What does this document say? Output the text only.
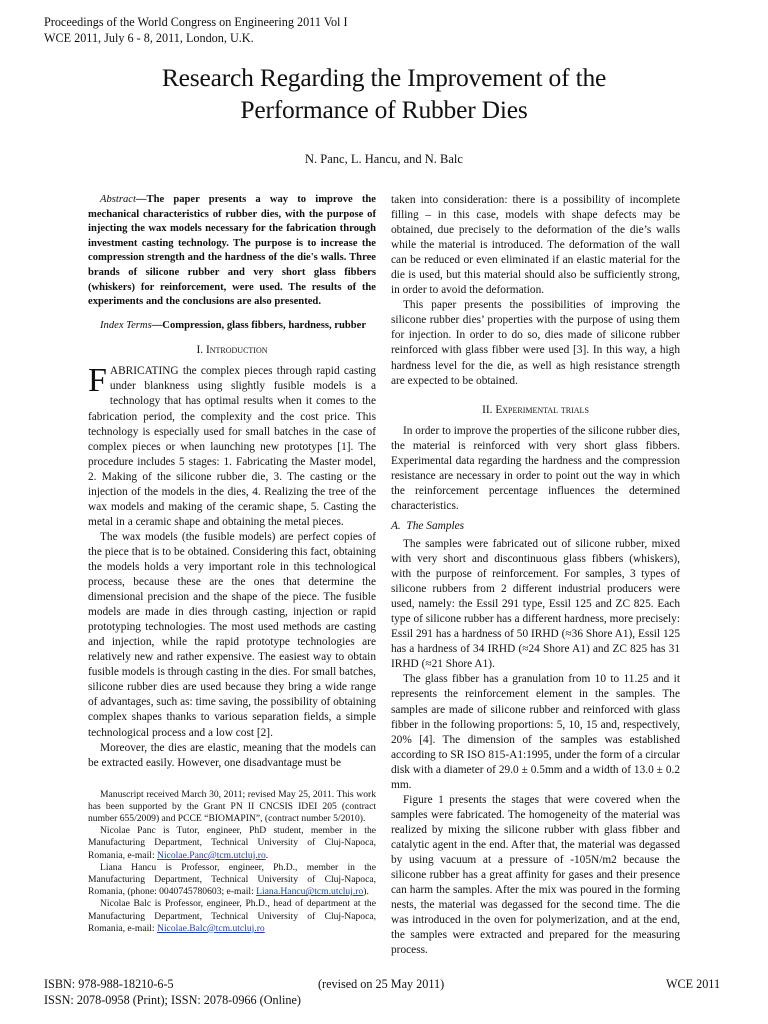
Proceedings of the World Congress on Engineering 2011 Vol I
WCE 2011, July 6 - 8, 2011, London, U.K.
Research Regarding the Improvement of the
Performance of Rubber Dies
N. Panc, L. Hancu, and N. Balc

Abstract—The paper presents a way to improve the mechanical characteristics of rubber dies, with the purpose of injecting the wax models necessary for the fabrication through investment casting technology. The purpose is to increase the compression strength and the hardness of the die's walls. Three brands of silicone rubber and very short glass fibbers (whiskers) for reinforcement, were used. The results of the experiments and the conclusions are also presented.

Index Terms—Compression, glass fibbers, hardness, rubber

I. Introduction

FABRICATING the complex pieces through rapid casting under blankness using slightly fusible models is a technology that has optimal results when it comes to the fabrication period, the complexity and the cost price. This technology is especially used for small batches in the case of complex pieces or when launching new prototypes [1]. The procedure includes 5 stages: 1. Fabricating the Master model, 2. Making of the silicone rubber die, 3. The casting or the injection of the models in the dies, 4. Realizing the tree of the wax models and making of the ceramic shape, 5. Casting the metal in a ceramic shape and obtaining the metal pieces.

The wax models (the fusible models) are perfect copies of the piece that is to be obtained. Considering this fact, obtaining the models holds a very important role in this technological process, because these are the ones that determine the dimensional precision and the shape of the piece. The fusible models are made in dies through casting, injection or rapid prototyping technologies. The most used methods are casting and injection, while the rapid prototype technologies are relatively new and rather expensive. The easiest way to obtain fusible models is through casting in the dies. For small batches, silicone rubber dies are used because they bring a wide range of advantages, such as: time saving, the possibility of obtaining complex shapes thanks to various separation fields, a simple technological process and a low cost [2].

Moreover, the dies are elastic, meaning that the models can be extracted easily. However, one disadvantage must be

Manuscript received March 30, 2011; revised May 25, 2011. This work has been supported by the Grant PN II CNCSIS IDEI 205 (contract number 655/2009) and PCCE “BIOMAPIN”, (contract number 5/2010).

Nicolae Panc is Tutor, engineer, PhD student, member in the Manufacturing Department, Technical University of Cluj-Napoca, Romania, e-mail: Nicolae.Panc@tcm.utcluj.ro.

Liana Hancu is Professor, engineer, Ph.D., member in the Manufacturing Department, Technical University of Cluj-Napoca, Romania, (phone: 0040745780603; e-mail: Liana.Hancu@tcm.utcluj.ro).

Nicolae Balc is Professor, engineer, Ph.D., head of department at the Manufacturing Department, Technical University of Cluj-Napoca, Romania, e-mail: Nicolae.Balc@tcm.utcluj.ro

taken into consideration: there is a possibility of incomplete filling – in this case, models with shape defects may be obtained, due precisely to the deformation of the die’s walls while the material is introduced. The deformation of the wall can be reduced or even eliminated if an elastic material for the die is used, but this material should also be sufficiently strong, in order to avoid the deformation.

This paper presents the possibilities of improving the silicone rubber dies’ properties with the purpose of using them for injection. In order to do so, dies made of silicone rubber reinforced with glass fibber were used [3]. In this way, a high hardness level for the die, as well as high resistance strength are expected to be obtained.

II. Experimental trials

In order to improve the properties of the silicone rubber dies, the material is reinforced with very short glass fibbers. Experimental data regarding the hardness and the compression resistance are necessary in order to point out the way in which the reinforcement percentage influences the determined characteristics.

A.  The Samples

The samples were fabricated out of silicone rubber, mixed with very short and discontinuous glass fibbers (whiskers), with the purpose of reinforcement. For samples, 3 types of silicone rubbers from 2 different industrial producers were used, namely: the Essil 291 type, Essil 125 and ZC 825. Each type of silicone rubber has a different hardness, more precisely: Essil 291 has a hardness of 50 IRHD (≈36 Shore A1), Essil 125 has a hardness of 34 IRHD (≈24 Shore A1) and ZC 825 has 31 IRHD (≈21 Shore A1).

The glass fibber has a granulation from 10 to 11.25 and it represents the reinforcement element in the samples. The samples are made of silicone rubber and reinforced with glass fibber in the following proportions: 5, 10, 15 and, respectively, 20% [4]. The dimension of the samples was established according to SR ISO 815-A1:1995, under the form of a circular disk with a diameter of 29.0 ± 0.5mm and a width of 13.0 ± 0.2 mm.

Figure 1 presents the stages that were covered when the samples were fabricated. The homogeneity of the material was realized by mixing the silicone rubber with glass fibber and catalytic agent in the end. After that, the material was degassed by using vacuum at a pressure of -105N/m2 because the silicone rubber has a great affinity for gases and their presence can harm the samples. After the mix was poured in the forming nests, the material was degassed for the second time. The die was introduced in the oven for polymerization, and at the end, the samples were extracted and prepared for the measuring process.

ISBN: 978-988-18210-6-5
ISSN: 2078-0958 (Print); ISSN: 2078-0966 (Online)
(revised on 25 May 2011)	WCE 2011
